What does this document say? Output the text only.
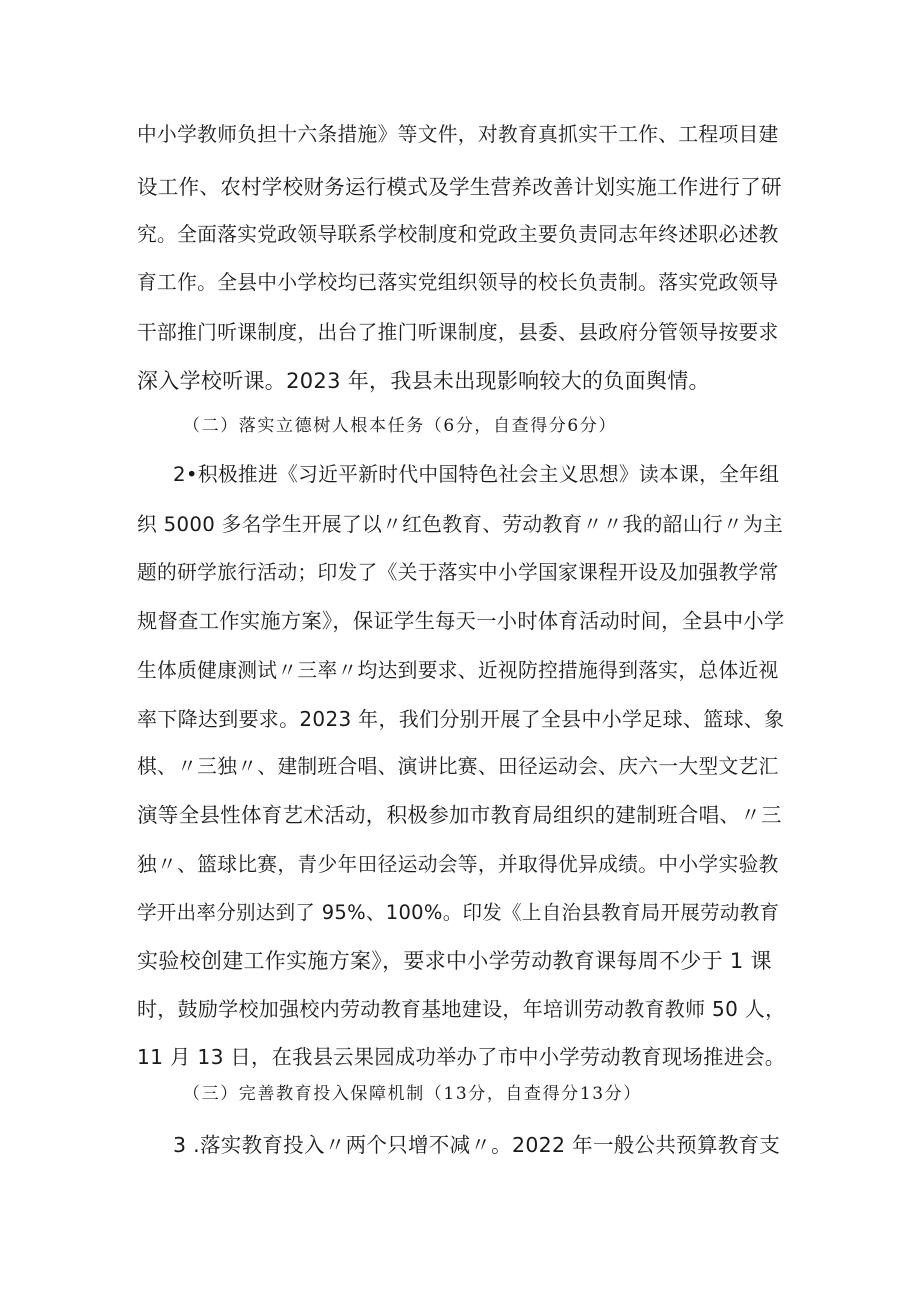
中小学教师负担十六条措施》等文件，对教育真抓实干工作、工程项目建
设工作、农村学校财务运行模式及学生营养改善计划实施工作进行了研
究。全面落实党政领导联系学校制度和党政主要负责同志年终述职必述教
育工作。全县中小学校均已落实党组织领导的校长负责制。落实党政领导
干部推门听课制度，出台了推门听课制度，县委、县政府分管领导按要求
深入学校听课。2023 年，我县未出现影响较大的负面舆情。
（二）落实立德树人根本任务（6分，自查得分6分）
2•积极推进《习近平新时代中国特色社会主义思想》读本课，全年组
织 5000 多名学生开展了以〃红色教育、劳动教育〃〃我的韶山行〃为主
题的研学旅行活动；印发了《关于落实中小学国家课程开设及加强教学常
规督查工作实施方案》，保证学生每天一小时体育活动时间，全县中小学
生体质健康测试〃三率〃均达到要求、近视防控措施得到落实，总体近视
率下降达到要求。2023 年，我们分别开展了全县中小学足球、篮球、象
棋、〃三独〃、建制班合唱、演讲比赛、田径运动会、庆六一大型文艺汇
演等全县性体育艺术活动，积极参加市教育局组织的建制班合唱、〃三
独〃、篮球比赛，青少年田径运动会等，并取得优异成绩。中小学实验教
学开出率分别达到了 95%、100%。印发《上自治县教育局开展劳动教育
实验校创建工作实施方案》，要求中小学劳动教育课每周不少于 1 课
时，鼓励学校加强校内劳动教育基地建设，年培训劳动教育教师 50 人，
11 月 13 日，在我县云果园成功举办了市中小学劳动教育现场推进会。
（三）完善教育投入保障机制（13分，自查得分13分）
3 .落实教育投入〃两个只增不减〃。2022 年一般公共预算教育支
